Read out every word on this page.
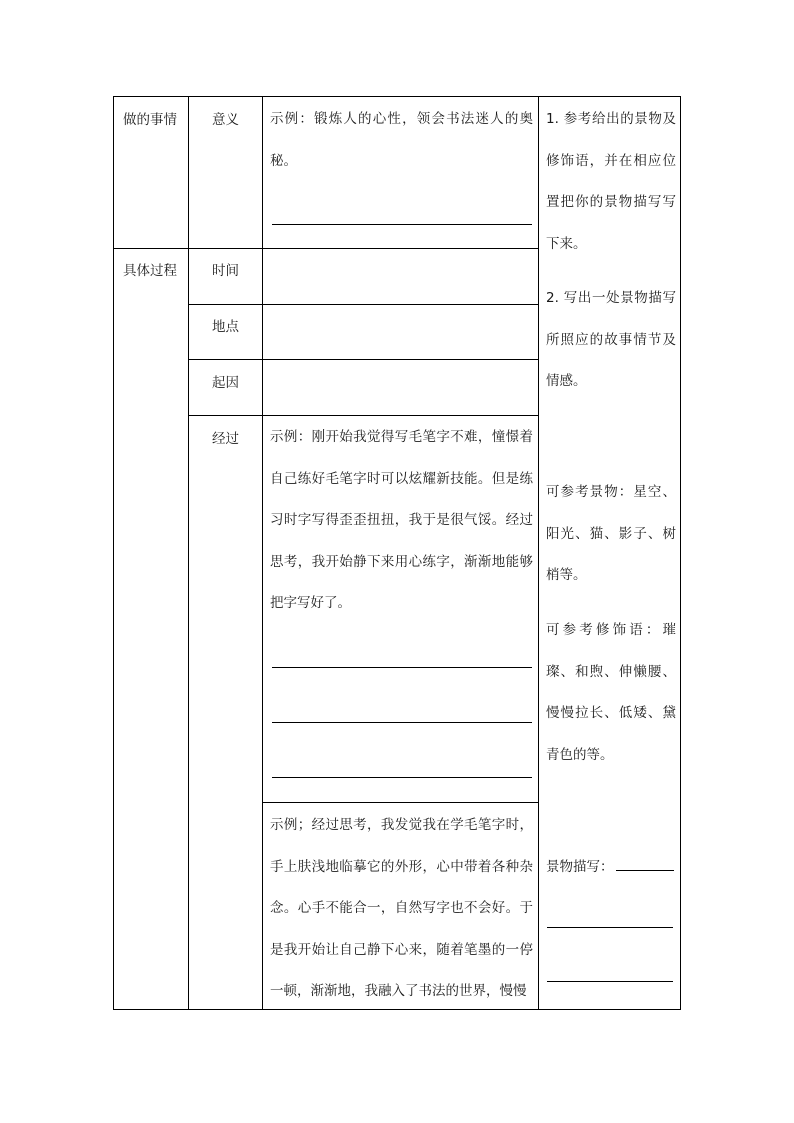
做的事情
具体过程
意义
时间
地点
起因
经过

示例：锻炼人的心性，领会书法迷人的奥秘。

示例：刚开始我觉得写毛笔字不难，憧憬着自己练好毛笔字时可以炫耀新技能。但是练习时字写得歪歪扭扭，我于是很气馁。经过思考，我开始静下来用心练字，渐渐地能够把字写好了。

示例；经过思考，我发觉我在学毛笔字时，手上肤浅地临摹它的外形，心中带着各种杂念。心手不能合一，自然写字也不会好。于是我开始让自己静下心来，随着笔墨的一停一顿，渐渐地，我融入了书法的世界，慢慢

1. 参考给出的景物及修饰语，并在相应位置把你的景物描写写下来。

2. 写出一处景物描写所照应的故事情节及情感。

可参考景物：星空、阳光、猫、影子、树梢等。

可参考修饰语：璀璨、和煦、伸懒腰、慢慢拉长、低矮、黛青色的等。

景物描写：
